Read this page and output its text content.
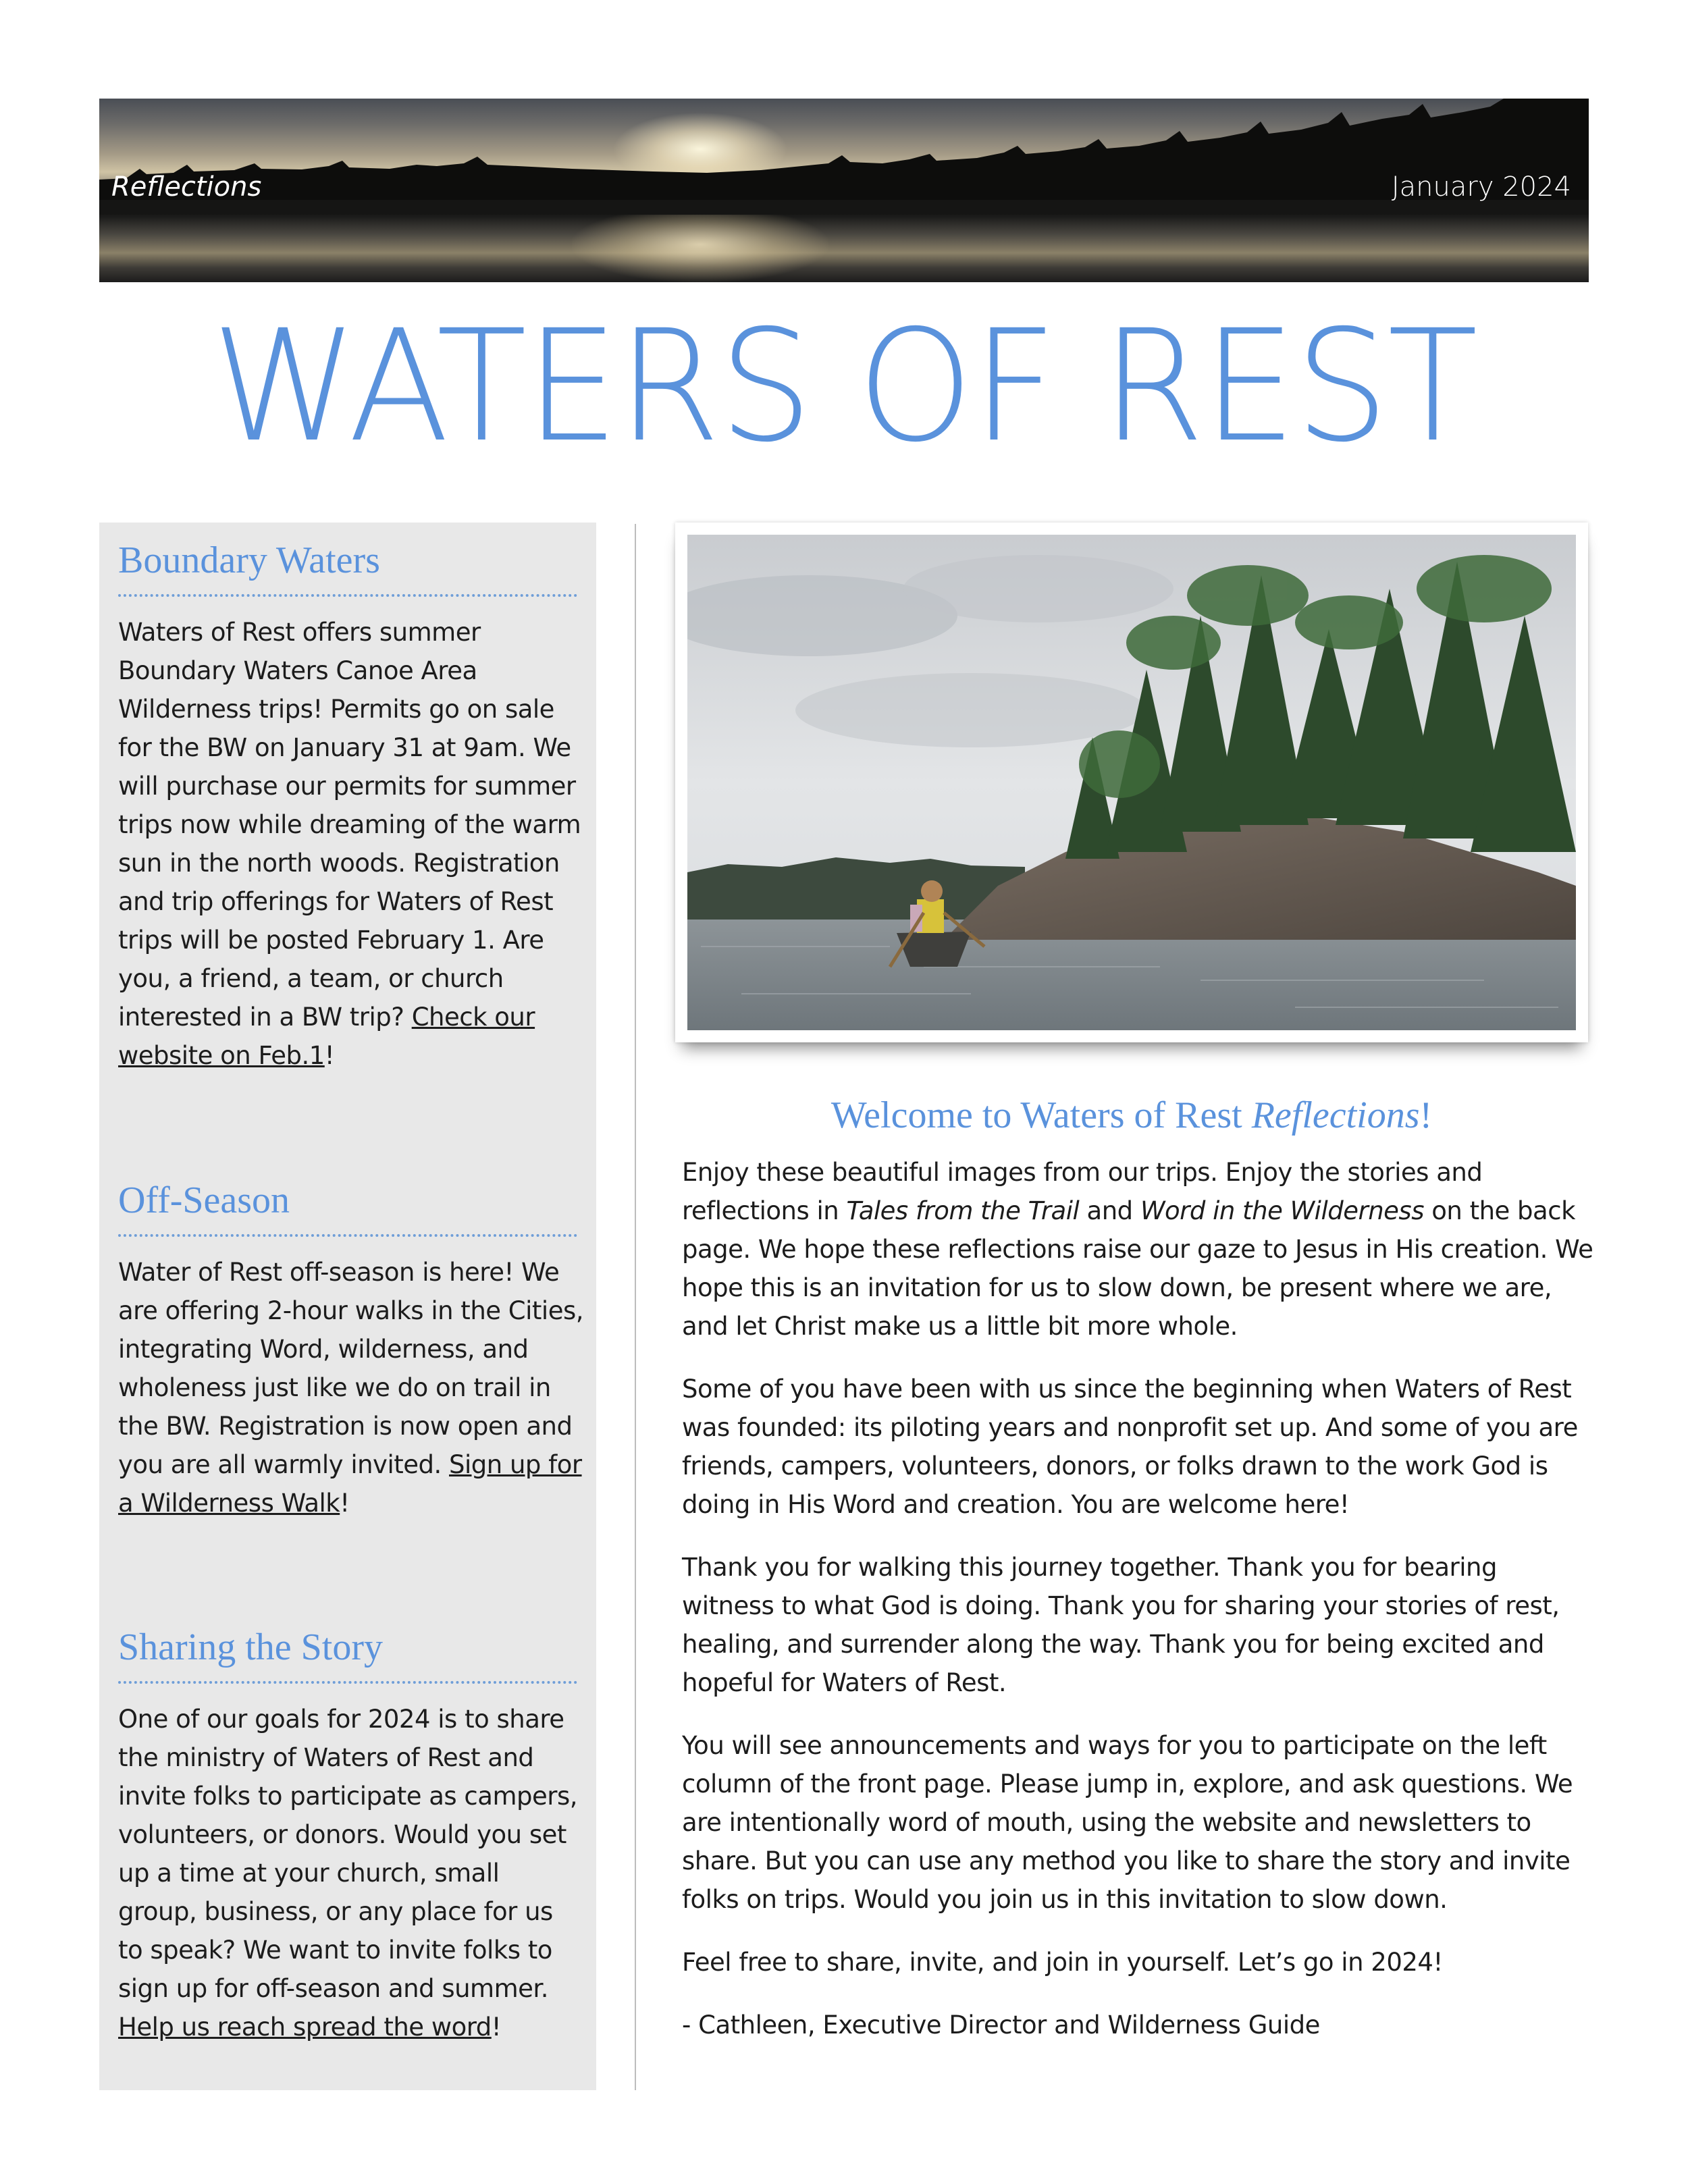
Reflections	January 2024
WATERS OF REST
Boundary Waters

Waters of Rest offers summer Boundary Waters Canoe Area Wilderness trips! Permits go on sale for the BW on January 31 at 9am. We will purchase our permits for summer trips now while dreaming of the warm sun in the north woods. Registration and trip offerings for Waters of Rest trips will be posted February 1. Are you, a friend, a team, or church interested in a BW trip? Check our website on Feb.1!

Off-Season

Water of Rest off-season is here! We are offering 2-hour walks in the Cities, integrating Word, wilderness, and wholeness just like we do on trail in the BW. Registration is now open and you are all warmly invited. Sign up for a Wilderness Walk!

Sharing the Story

One of our goals for 2024 is to share the ministry of Waters of Rest and invite folks to participate as campers, volunteers, or donors. Would you set up a time at your church, small group, business, or any place for us to speak? We want to invite folks to sign up for off-season and summer. Help us reach spread the word!

Welcome to Waters of Rest Reflections!

Enjoy these beautiful images from our trips. Enjoy the stories and reflections in Tales from the Trail and Word in the Wilderness on the back page. We hope these reflections raise our gaze to Jesus in His creation. We hope this is an invitation for us to slow down, be present where we are, and let Christ make us a little bit more whole.

Some of you have been with us since the beginning when Waters of Rest was founded: its piloting years and nonprofit set up. And some of you are friends, campers, volunteers, donors, or folks drawn to the work God is doing in His Word and creation. You are welcome here!

Thank you for walking this journey together. Thank you for bearing witness to what God is doing. Thank you for sharing your stories of rest, healing, and surrender along the way. Thank you for being excited and hopeful for Waters of Rest.

You will see announcements and ways for you to participate on the left column of the front page. Please jump in, explore, and ask questions. We are intentionally word of mouth, using the website and newsletters to share. But you can use any method you like to share the story and invite folks on trips. Would you join us in this invitation to slow down.

Feel free to share, invite, and join in yourself. Let’s go in 2024!

- Cathleen, Executive Director and Wilderness Guide
